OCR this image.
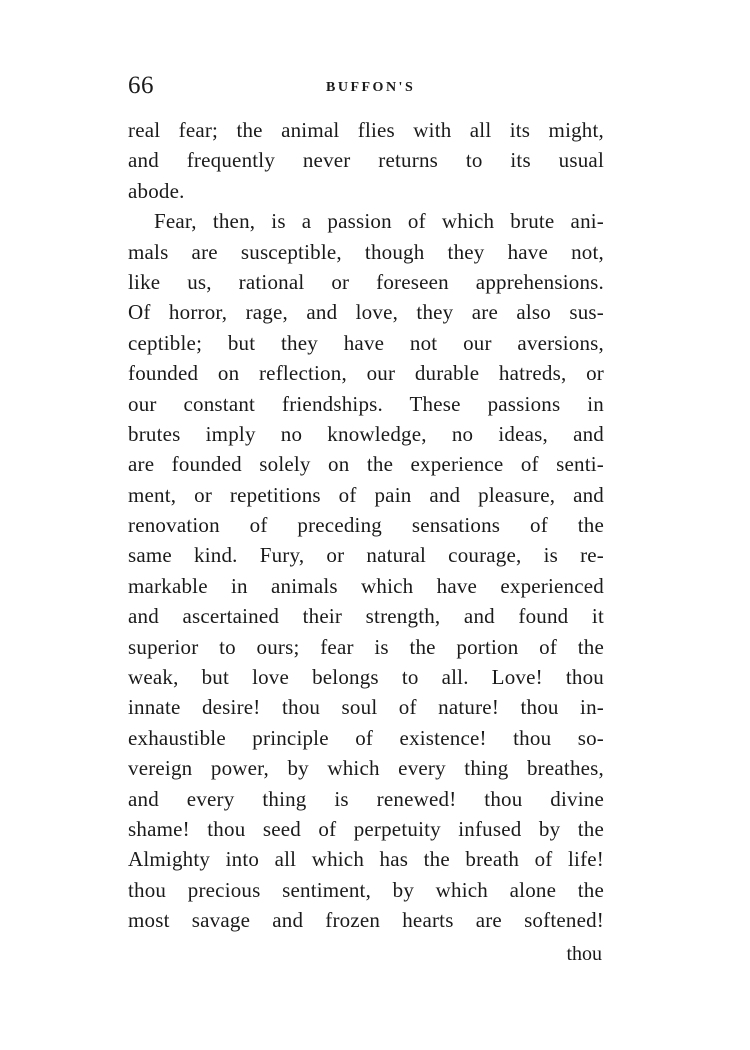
66	BUFFON'S
real fear; the animal flies with all its might,
and frequently never returns to its usual
abode.
Fear, then, is a passion of which brute ani-
mals are susceptible, though they have not,
like us, rational or foreseen apprehensions.
Of horror, rage, and love, they are also sus-
ceptible; but they have not our aversions,
founded on reflection, our durable hatreds, or
our constant friendships. These passions in
brutes imply no knowledge, no ideas, and
are founded solely on the experience of senti-
ment, or repetitions of pain and pleasure, and
renovation of preceding sensations of the
same kind. Fury, or natural courage, is re-
markable in animals which have experienced
and ascertained their strength, and found it
superior to ours; fear is the portion of the
weak, but love belongs to all. Love! thou
innate desire! thou soul of nature! thou in-
exhaustible principle of existence! thou so-
vereign power, by which every thing breathes,
and every thing is renewed! thou divine
shame! thou seed of perpetuity infused by the
Almighty into all which has the breath of life!
thou precious sentiment, by which alone the
most savage and frozen hearts are softened!
thou
